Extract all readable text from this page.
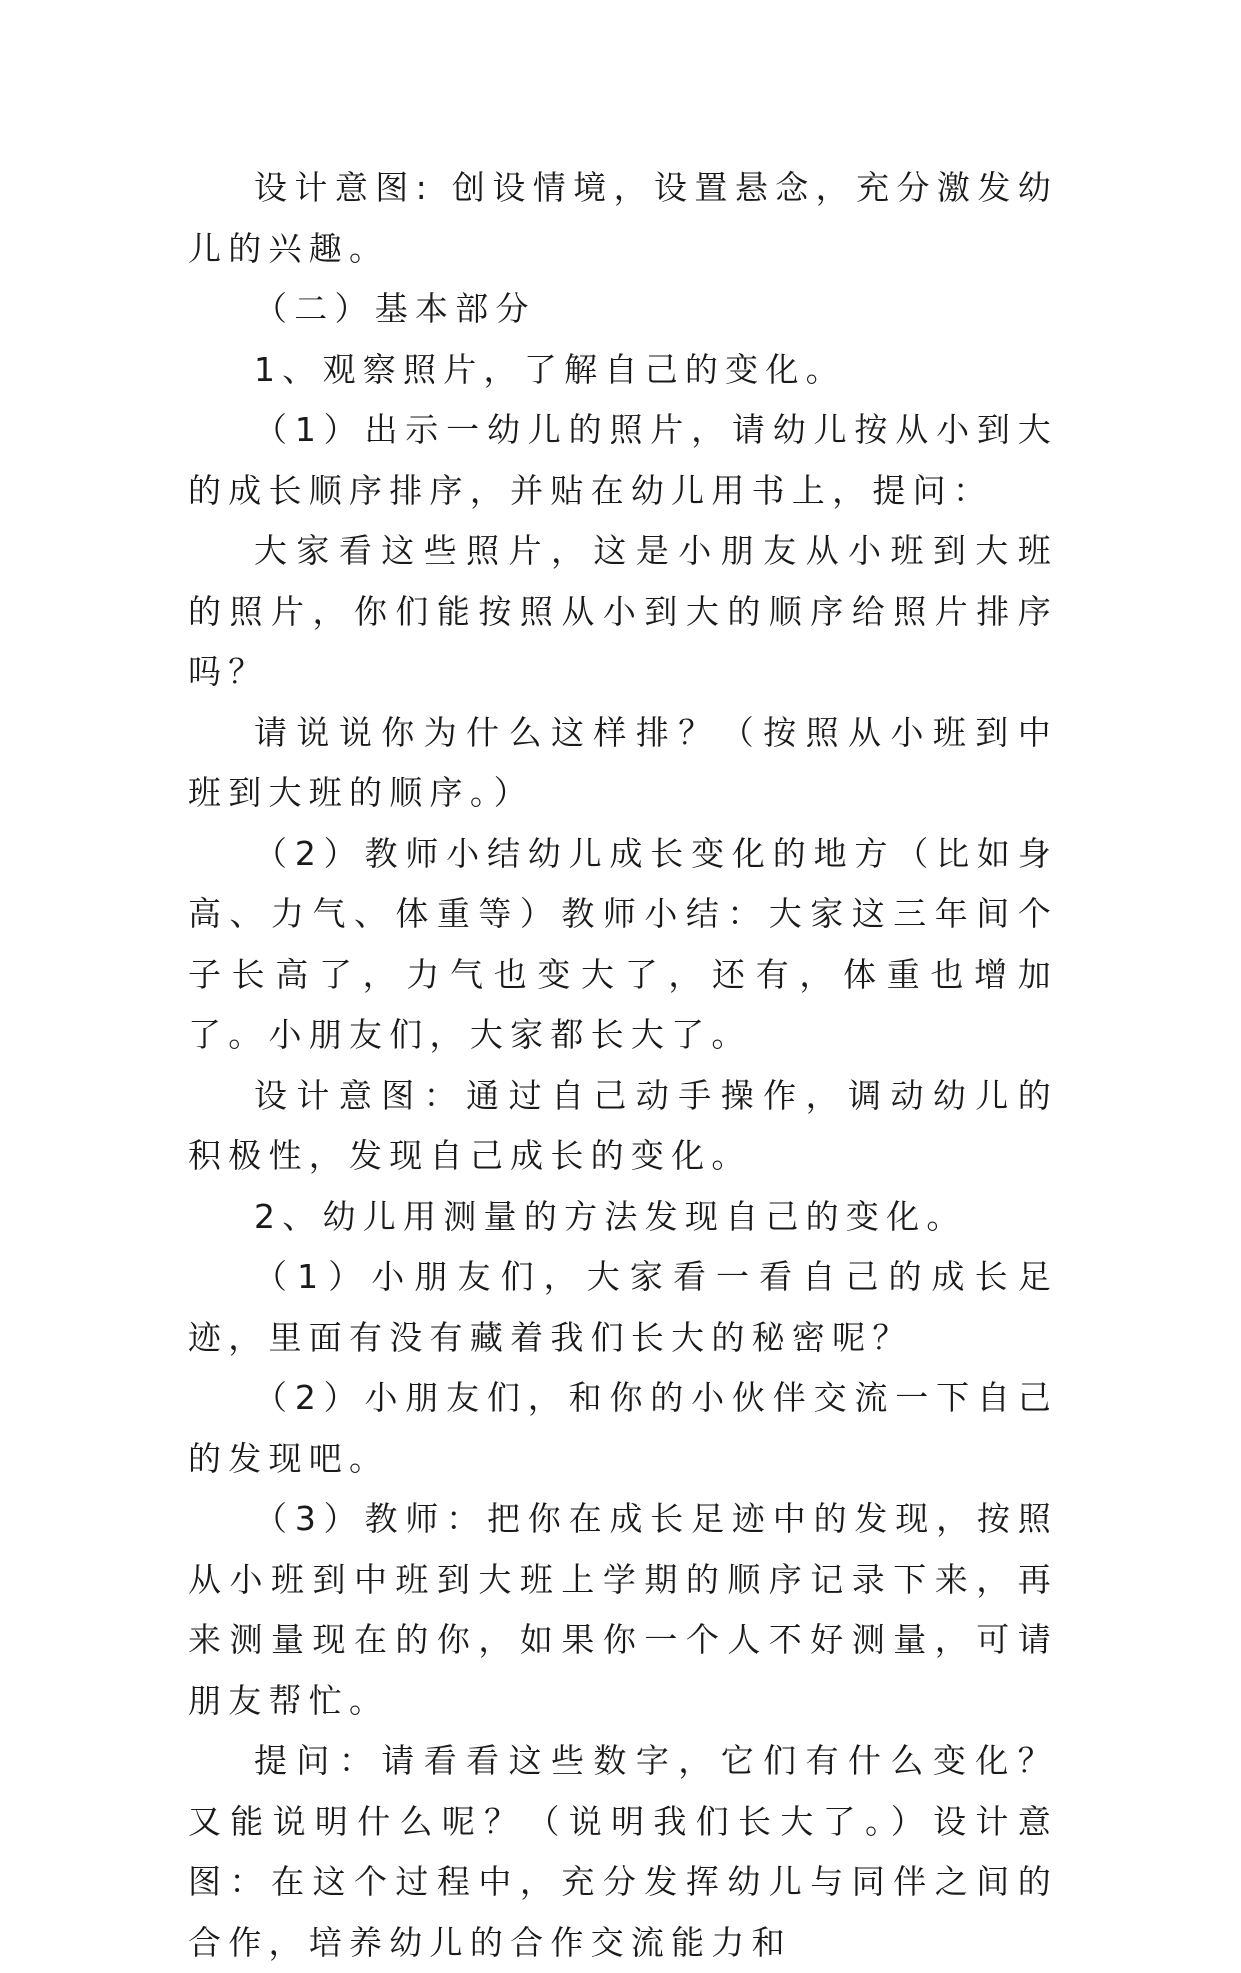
设计意图: 创设情境，设置悬念，充分激发幼儿的兴趣。

（二）基本部分

1、观察照片，了解自己的变化。

（1）出示一幼儿的照片，请幼儿按从小到大的成长顺序排序，并贴在幼儿用书上，提问：

大家看这些照片，这是小朋友从小班到大班的照片，你们能按照从小到大的顺序给照片排序吗？

请说说你为什么这样排？（按照从小班到中班到大班的顺序。）

（2）教师小结幼儿成长变化的地方（比如身高、力气、体重等）教师小结：大家这三年间个子长高了，力气也变大了，还有，体重也增加了。小朋友们，大家都长大了。

设计意图：通过自己动手操作，调动幼儿的积极性，发现自己成长的变化。

2、幼儿用测量的方法发现自己的变化。

（1）小朋友们，大家看一看自己的成长足迹，里面有没有藏着我们长大的秘密呢？

（2）小朋友们，和你的小伙伴交流一下自己的发现吧。

（3）教师：把你在成长足迹中的发现，按照从小班到中班到大班上学期的顺序记录下来，再来测量现在的你，如果你一个人不好测量，可请朋友帮忙。

提问：请看看这些数字，它们有什么变化？又能说明什么呢？（说明我们长大了。）设计意图：在这个过程中，充分发挥幼儿与同伴之间的合作，培养幼儿的合作交流能力和
